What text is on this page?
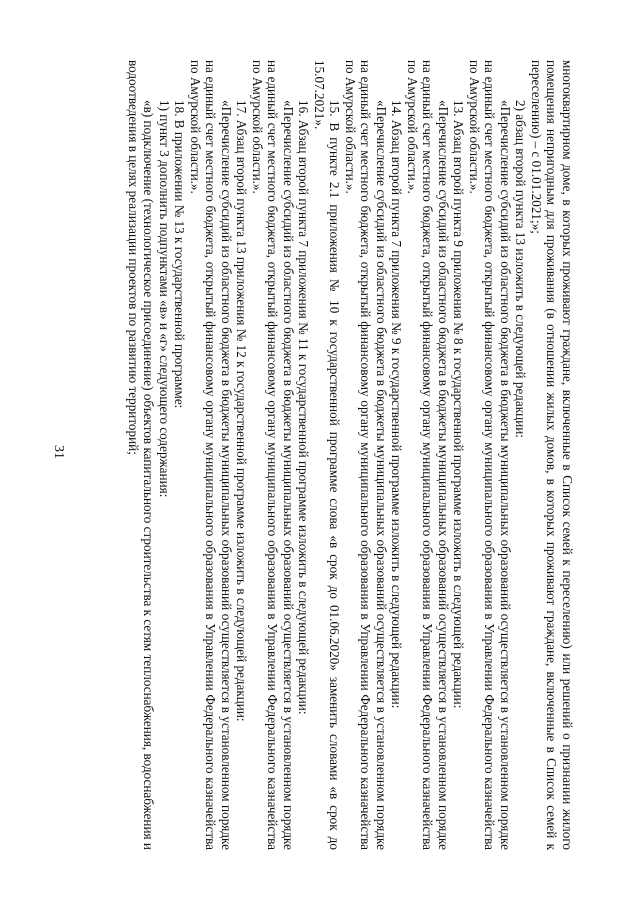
31	многоквартирном доме, в которых проживают граждане, включенные в Список семей к переселению) или решений о признании жилого помещения непригодным для проживания (в отношении жилых домов, в которых проживают граждане, включенные в Список семей к переселению) – с 01.01.2021;»;

2) абзац второй пункта 13 изложить в следующей редакции:

«Перечисление субсидий из областного бюджета в бюджеты муниципальных образований осуществляется в установленном порядке на единый счет местного бюджета, открытый финансовому органу муниципального образования в Управлении Федерального казначейства по Амурской области.».

13. Абзац второй пункта 9 приложения № 8 к государственной программе изложить в следующей редакции:

«Перечисление субсидий из областного бюджета в бюджеты муниципальных образований осуществляется в установленном порядке на единый счет местного бюджета, открытый финансовому органу муниципального образования в Управлении Федерального казначейства по Амурской области.».

14. Абзац второй пункта 7 приложения № 9 к государственной программе изложить в следующей редакции:

«Перечисление субсидий из областного бюджета в бюджеты муниципальных образований осуществляется в установленном порядке на единый счет местного бюджета, открытый финансовому органу муниципального образования в Управлении Федерального казначейства по Амурской области.».

15. В пункте 2.1 приложения № 10 к государственной программе слова «в срок до 01.06.2020» заменить словами «в срок до 15.07.2021».

16. Абзац второй пункта 7 приложения № 11 к государственной программе изложить в следующей редакции:

«Перечисление субсидий из областного бюджета в бюджеты муниципальных образований осуществляется в установленном порядке на единый счет местного бюджета, открытый финансовому органу муниципального образования в Управлении Федерального казначейства по Амурской области.».

17. Абзац второй пункта 13 приложения № 12 к государственной программе изложить в следующей редакции:

«Перечисление субсидий из областного бюджета в бюджеты муниципальных образований осуществляется в установленном порядке на единый счет местного бюджета, открытый финансовому органу муниципального образования в Управлении Федерального казначейства по Амурской области.».

18. В приложении № 13 к государственной программе:

1) пункт 3 дополнить подпунктами «в» и «г» следующего содержания:

«в) подключение (технологическое присоединение) объектов капитального строительства к сетям теплоснабжения, водоснабжения и водоотведения в целях реализации проектов по развитию территорий;
